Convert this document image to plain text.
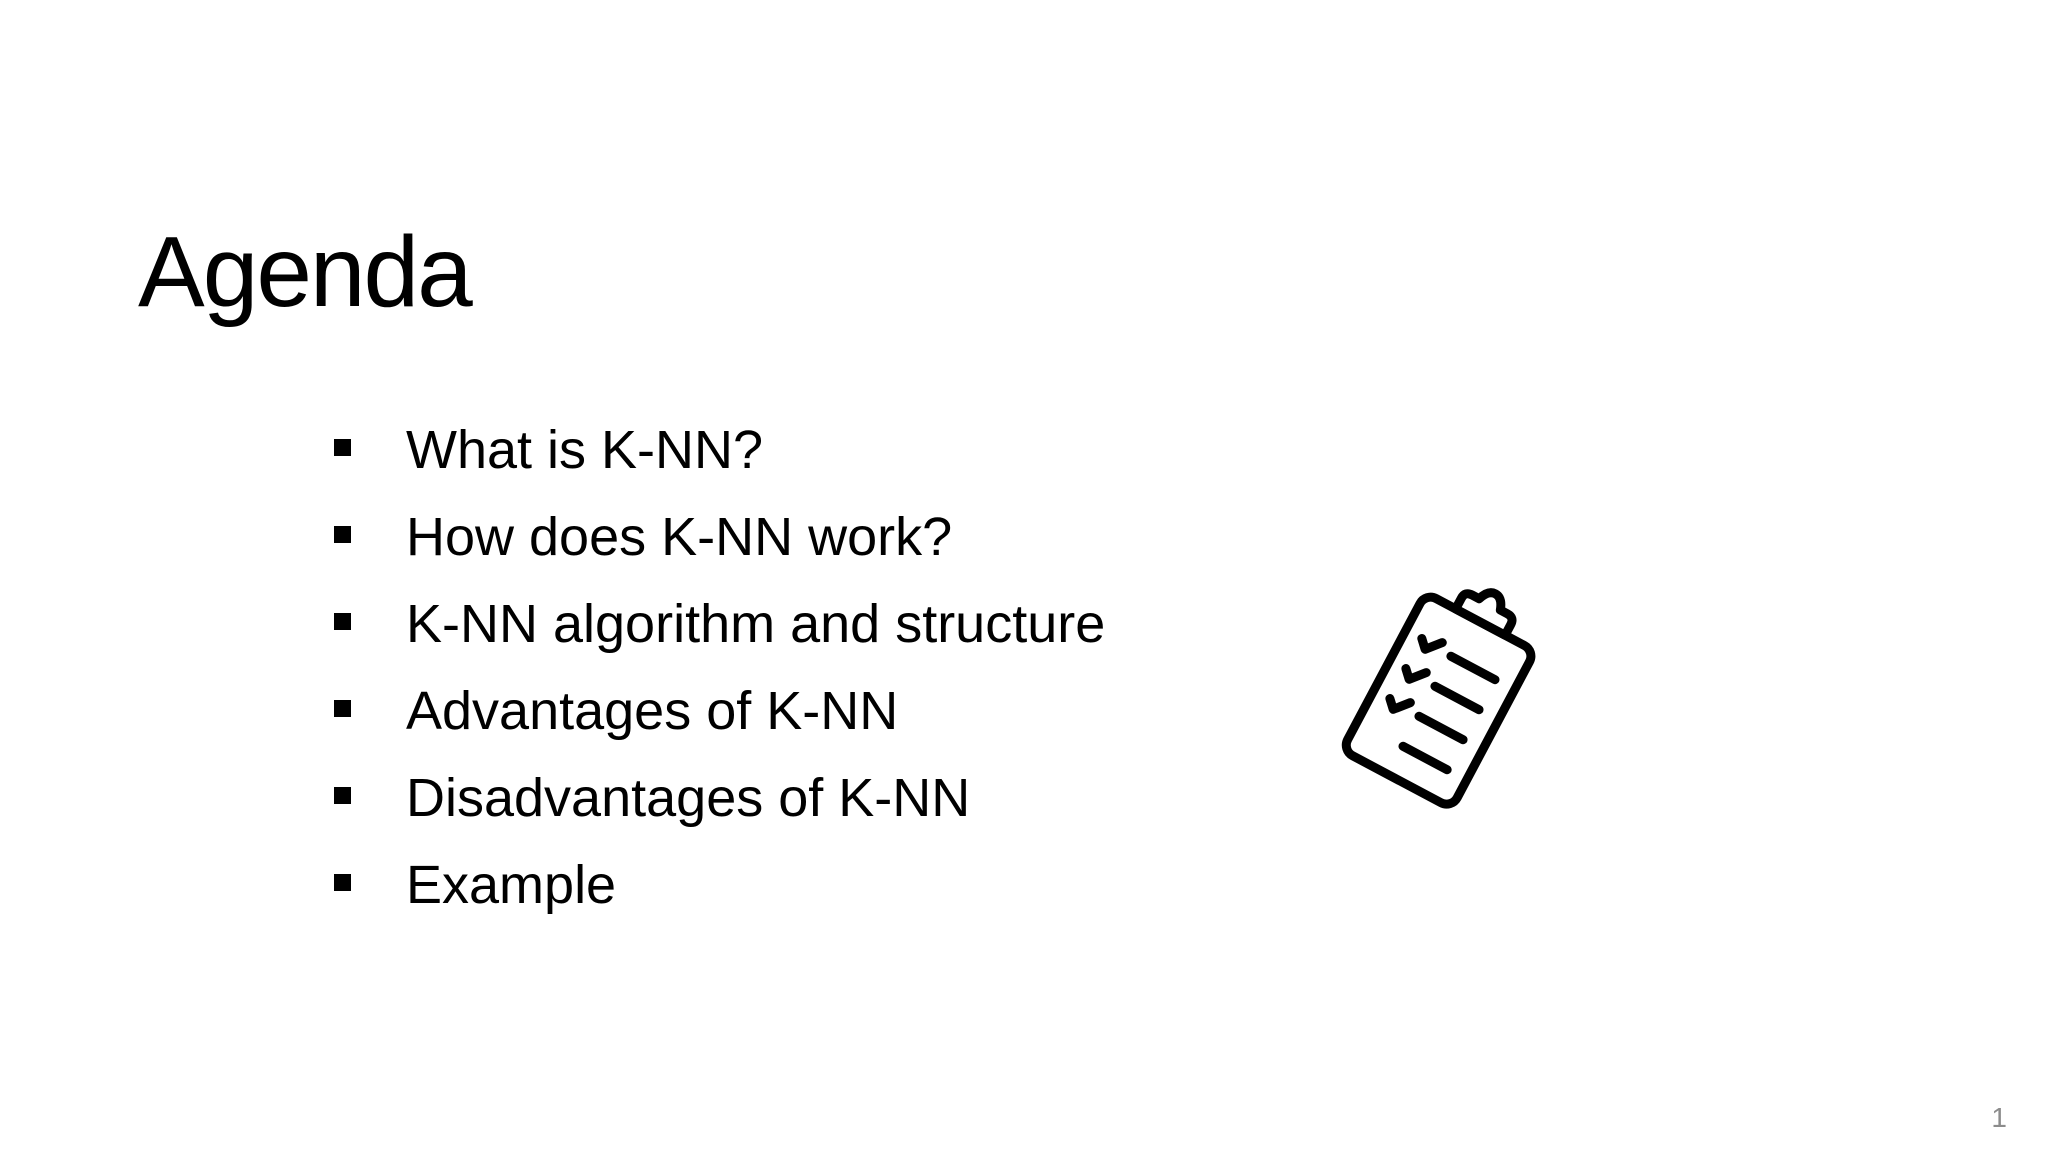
Agenda
What is K-NN?
How does K-NN work?
K-NN algorithm and structure
Advantages of K-NN
Disadvantages of K-NN
Example
1
